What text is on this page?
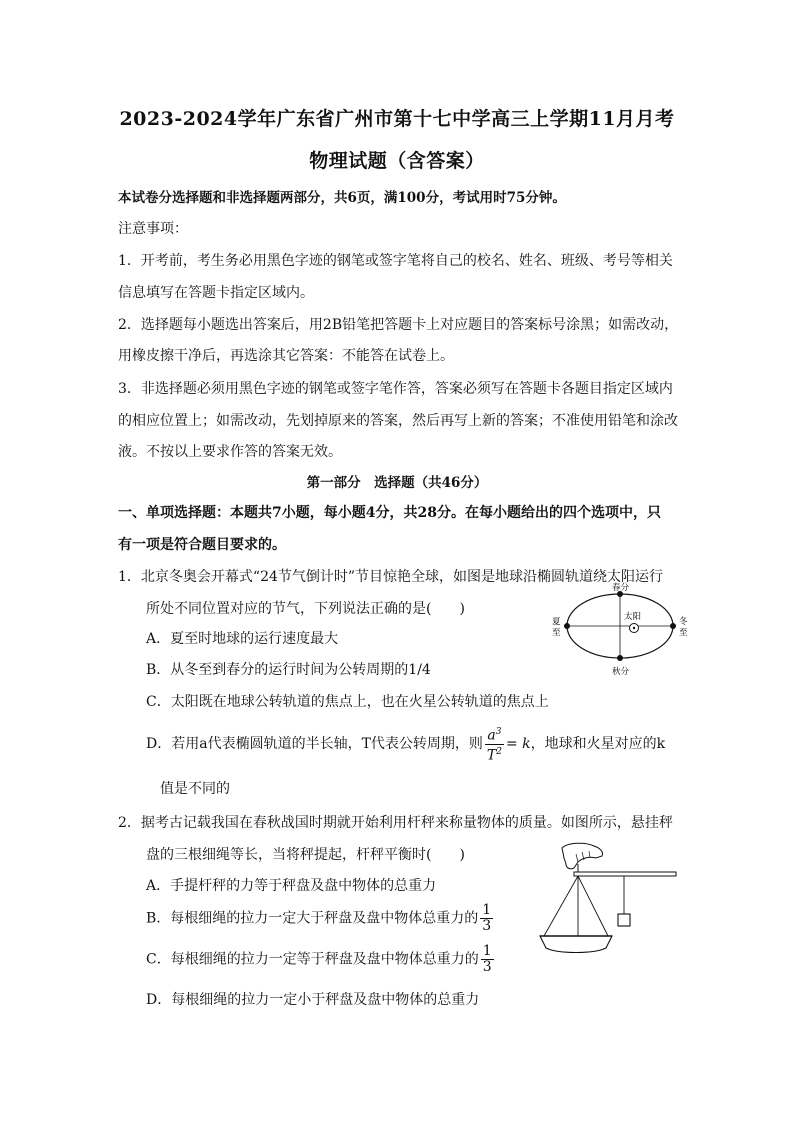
2023-2024学年广东省广州市第十七中学高三上学期11月月考
物理试题（含答案）
本试卷分选择题和非选择题两部分，共6页，满100分，考试用时75分钟。
注意事项：
1．开考前，考生务必用黑色字迹的钢笔或签字笔将自己的校名、姓名、班级、考号等相关
信息填写在答题卡指定区域内。
2．选择题每小题选出答案后，用2B铅笔把答题卡上对应题目的答案标号涂黑；如需改动，
用橡皮擦干净后，再选涂其它答案：不能答在试卷上。
3．非选择题必须用黑色字迹的钢笔或签字笔作答，答案必须写在答题卡各题目指定区域内
的相应位置上；如需改动，先划掉原来的答案，然后再写上新的答案；不准使用铅笔和涂改
液。不按以上要求作答的答案无效。
第一部分　选择题（共46分）
一、单项选择题：本题共7小题，每小题4分，共28分。在每小题给出的四个选项中，只
有一项是符合题目要求的。
1．北京冬奥会开幕式“24节气倒计时”节目惊艳全球，如图是地球沿椭圆轨道绕太阳运行
所处不同位置对应的节气，下列说法正确的是(　　)
A．夏至时地球的运行速度最大
B．从冬至到春分的运行时间为公转周期的1/4
C．太阳既在地球公转轨道的焦点上，也在火星公转轨道的焦点上
D．若用a代表椭圆轨道的半长轴，T代表公转周期，则 $\frac{a^3}{T^2} = k$，地球和火星对应的k
值是不同的
春分
秋分
夏
至
冬
至
太阳
2．据考古记载我国在春秋战国时期就开始利用杆秤来称量物体的质量。如图所示，悬挂秤
盘的三根细绳等长，当将秤提起，杆秤平衡时(　　)
A．手提杆秤的力等于秤盘及盘中物体的总重力
B．每根细绳的拉力一定大于秤盘及盘中物体总重力的 $\frac{1}{3}$
C．每根细绳的拉力一定等于秤盘及盘中物体总重力的 $\frac{1}{3}$
D．每根细绳的拉力一定小于秤盘及盘中物体的总重力
